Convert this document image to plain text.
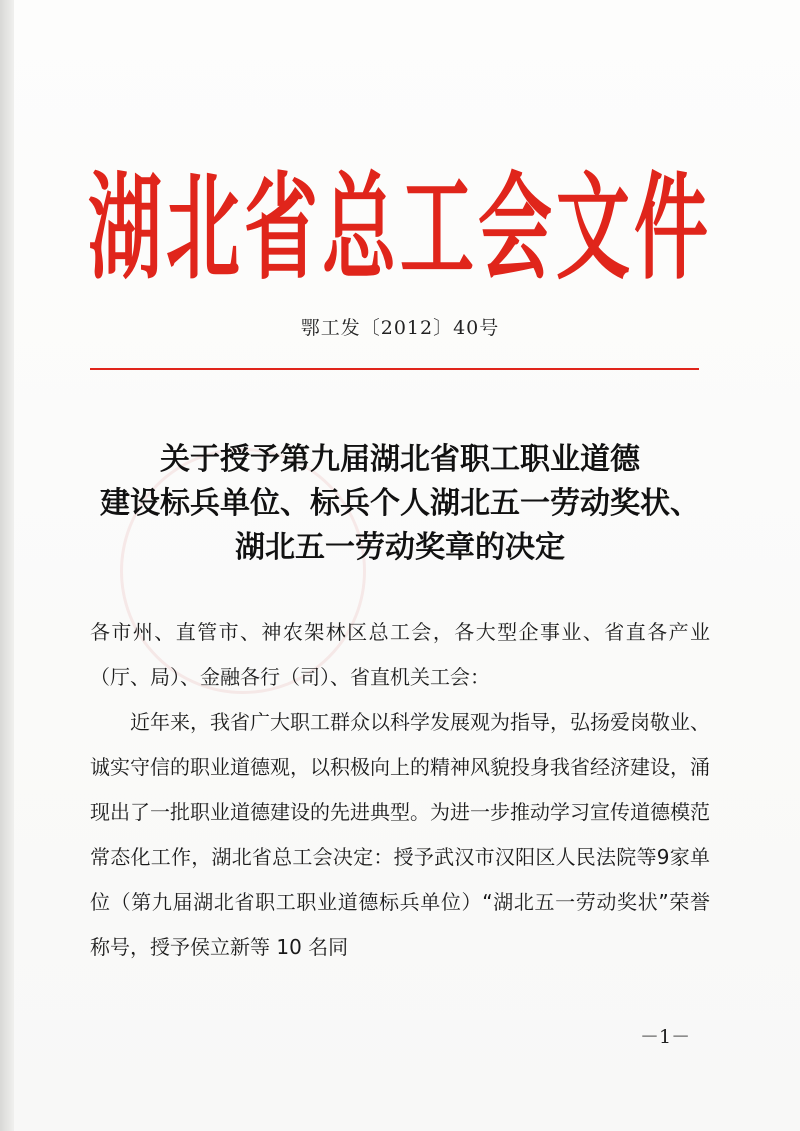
湖北省总工会文件
鄂工发〔2012〕40号
关于授予第九届湖北省职工职业道德
建设标兵单位、标兵个人湖北五一劳动奖状、
湖北五一劳动奖章的决定

各市州、直管市、神农架林区总工会，各大型企事业、省直各产业（厅、局）、金融各行（司）、省直机关工会：

近年来，我省广大职工群众以科学发展观为指导，弘扬爱岗敬业、诚实守信的职业道德观，以积极向上的精神风貌投身我省经济建设，涌现出了一批职业道德建设的先进典型。为进一步推动学习宣传道德模范常态化工作，湖北省总工会决定：授予武汉市汉阳区人民法院等9家单位（第九届湖北省职工职业道德标兵单位）“湖北五一劳动奖状”荣誉称号，授予侯立新等 10 名同

－1－
